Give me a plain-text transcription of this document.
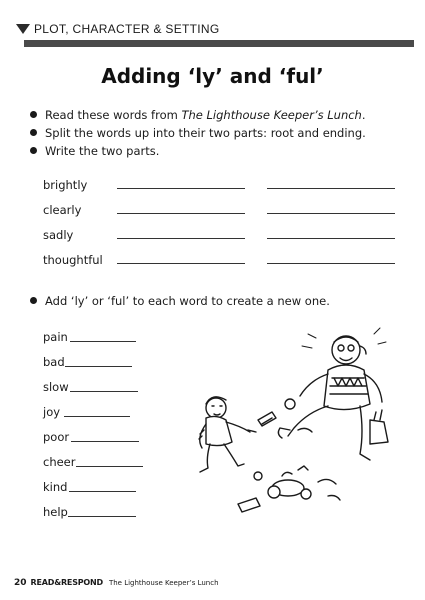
PLOT, CHARACTER & SETTING
Adding ‘ly’ and ‘ful’
Read these words from The Lighthouse Keeper’s Lunch.
Split the words up into their two parts: root and ending.
Write the two parts.
brightly
clearly
sadly
thoughtful
Add ‘ly’ or ‘ful’ to each word to create a new one.
pain
bad
slow
joy
poor
cheer
kind
help
20 READ&RESPOND The Lighthouse Keeper’s Lunch
